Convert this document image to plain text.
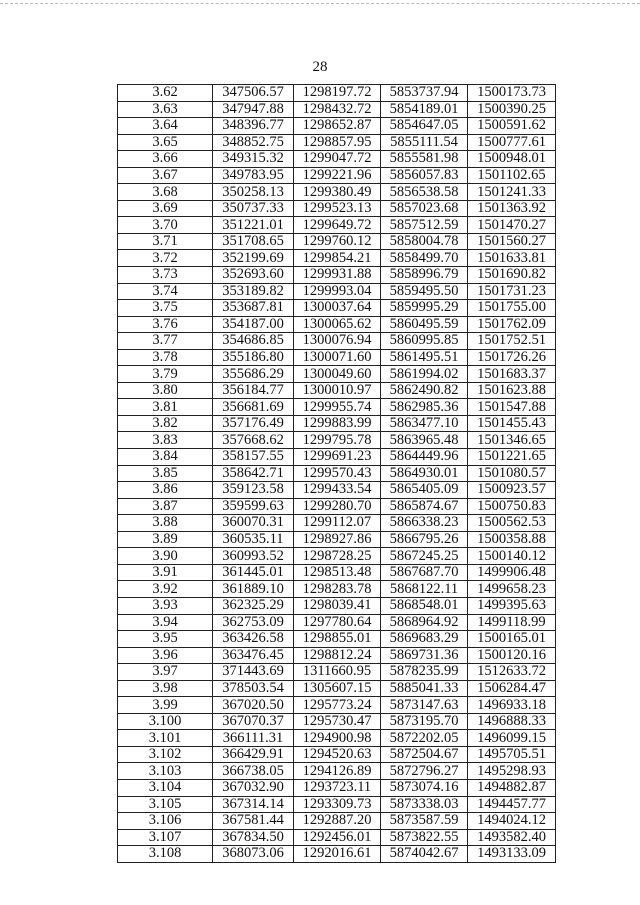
28
3.62	347506.57	1298197.72	5853737.94	1500173.73
3.63	347947.88	1298432.72	5854189.01	1500390.25
3.64	348396.77	1298652.87	5854647.05	1500591.62
3.65	348852.75	1298857.95	5855111.54	1500777.61
3.66	349315.32	1299047.72	5855581.98	1500948.01
3.67	349783.95	1299221.96	5856057.83	1501102.65
3.68	350258.13	1299380.49	5856538.58	1501241.33
3.69	350737.33	1299523.13	5857023.68	1501363.92
3.70	351221.01	1299649.72	5857512.59	1501470.27
3.71	351708.65	1299760.12	5858004.78	1501560.27
3.72	352199.69	1299854.21	5858499.70	1501633.81
3.73	352693.60	1299931.88	5858996.79	1501690.82
3.74	353189.82	1299993.04	5859495.50	1501731.23
3.75	353687.81	1300037.64	5859995.29	1501755.00
3.76	354187.00	1300065.62	5860495.59	1501762.09
3.77	354686.85	1300076.94	5860995.85	1501752.51
3.78	355186.80	1300071.60	5861495.51	1501726.26
3.79	355686.29	1300049.60	5861994.02	1501683.37
3.80	356184.77	1300010.97	5862490.82	1501623.88
3.81	356681.69	1299955.74	5862985.36	1501547.88
3.82	357176.49	1299883.99	5863477.10	1501455.43
3.83	357668.62	1299795.78	5863965.48	1501346.65
3.84	358157.55	1299691.23	5864449.96	1501221.65
3.85	358642.71	1299570.43	5864930.01	1501080.57
3.86	359123.58	1299433.54	5865405.09	1500923.57
3.87	359599.63	1299280.70	5865874.67	1500750.83
3.88	360070.31	1299112.07	5866338.23	1500562.53
3.89	360535.11	1298927.86	5866795.26	1500358.88
3.90	360993.52	1298728.25	5867245.25	1500140.12
3.91	361445.01	1298513.48	5867687.70	1499906.48
3.92	361889.10	1298283.78	5868122.11	1499658.23
3.93	362325.29	1298039.41	5868548.01	1499395.63
3.94	362753.09	1297780.64	5868964.92	1499118.99
3.95	363426.58	1298855.01	5869683.29	1500165.01
3.96	363476.45	1298812.24	5869731.36	1500120.16
3.97	371443.69	1311660.95	5878235.99	1512633.72
3.98	378503.54	1305607.15	5885041.33	1506284.47
3.99	367020.50	1295773.24	5873147.63	1496933.18
3.100	367070.37	1295730.47	5873195.70	1496888.33
3.101	366111.31	1294900.98	5872202.05	1496099.15
3.102	366429.91	1294520.63	5872504.67	1495705.51
3.103	366738.05	1294126.89	5872796.27	1495298.93
3.104	367032.90	1293723.11	5873074.16	1494882.87
3.105	367314.14	1293309.73	5873338.03	1494457.77
3.106	367581.44	1292887.20	5873587.59	1494024.12
3.107	367834.50	1292456.01	5873822.55	1493582.40
3.108	368073.06	1292016.61	5874042.67	1493133.09
